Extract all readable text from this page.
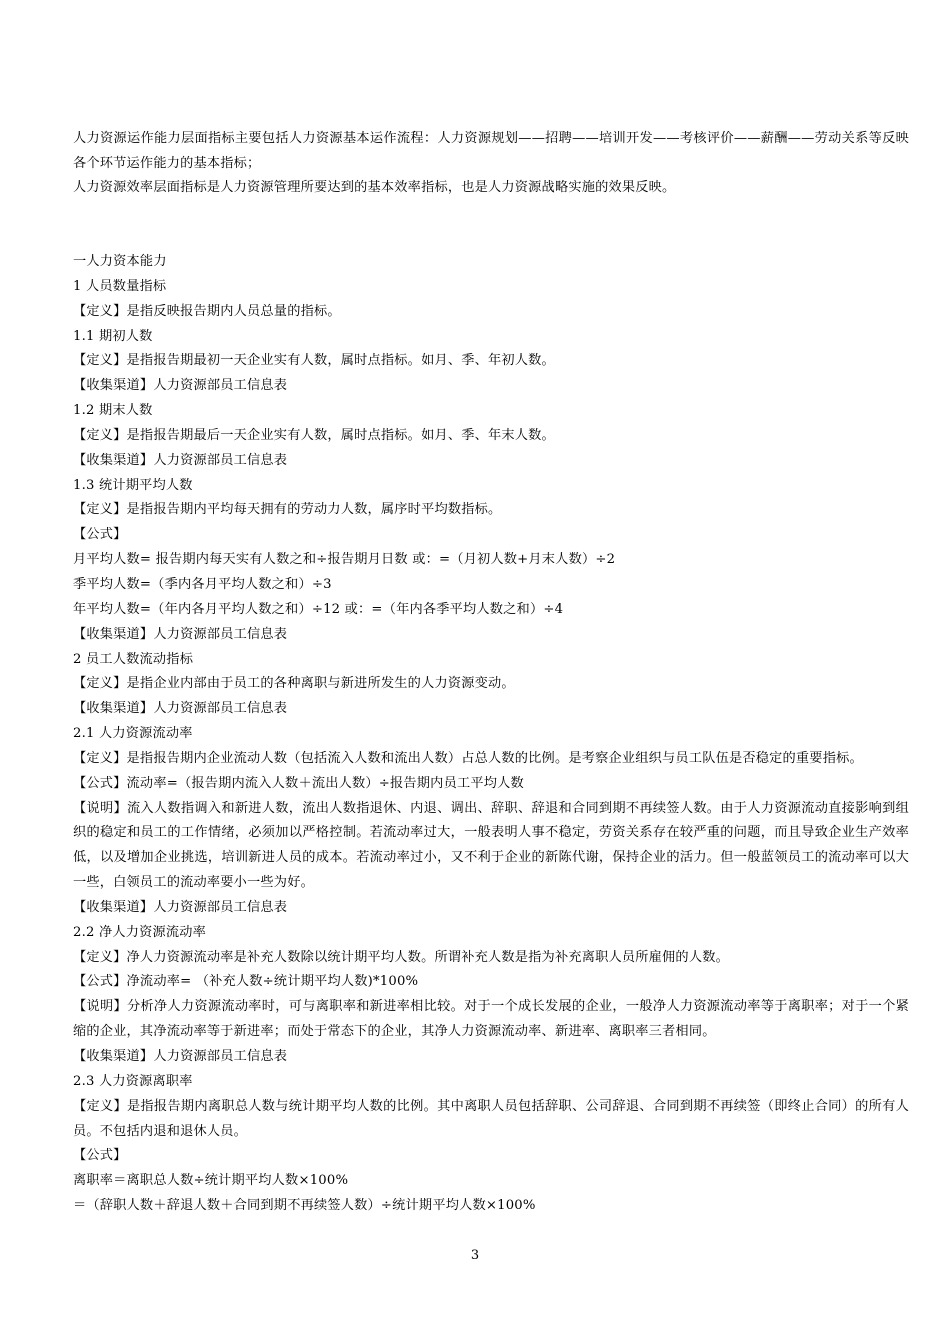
人力资源运作能力层面指标主要包括人力资源基本运作流程：人力资源规划——招聘——培训开发——考核评价——薪酬——劳动关系等反映各个环节运作能力的基本指标；
人力资源效率层面指标是人力资源管理所要达到的基本效率指标，也是人力资源战略实施的效果反映。
一人力资本能力
1 人员数量指标
【定义】是指反映报告期内人员总量的指标。
1.1 期初人数
【定义】是指报告期最初一天企业实有人数，属时点指标。如月、季、年初人数。
【收集渠道】人力资源部员工信息表
1.2 期末人数
【定义】是指报告期最后一天企业实有人数，属时点指标。如月、季、年末人数。
【收集渠道】人力资源部员工信息表
1.3 统计期平均人数
【定义】是指报告期内平均每天拥有的劳动力人数，属序时平均数指标。
【公式】
月平均人数= 报告期内每天实有人数之和÷报告期月日数 或：=（月初人数+月末人数）÷2
季平均人数=（季内各月平均人数之和）÷3
年平均人数=（年内各月平均人数之和）÷12 或：=（年内各季平均人数之和）÷4
【收集渠道】人力资源部员工信息表
2 员工人数流动指标
【定义】是指企业内部由于员工的各种离职与新进所发生的人力资源变动。
【收集渠道】人力资源部员工信息表
2.1 人力资源流动率
【定义】是指报告期内企业流动人数（包括流入人数和流出人数）占总人数的比例。是考察企业组织与员工队伍是否稳定的重要指标。
【公式】流动率=（报告期内流入人数＋流出人数）÷报告期内员工平均人数
【说明】流入人数指调入和新进人数，流出人数指退休、内退、调出、辞职、辞退和合同到期不再续签人数。由于人力资源流动直接影响到组织的稳定和员工的工作情绪，必须加以严格控制。若流动率过大，一般表明人事不稳定，劳资关系存在较严重的问题，而且导致企业生产效率低，以及增加企业挑选，培训新进人员的成本。若流动率过小，又不利于企业的新陈代谢，保持企业的活力。但一般蓝领员工的流动率可以大一些，白领员工的流动率要小一些为好。
【收集渠道】人力资源部员工信息表
2.2 净人力资源流动率
【定义】净人力资源流动率是补充人数除以统计期平均人数。所谓补充人数是指为补充离职人员所雇佣的人数。
【公式】净流动率= （补充人数÷统计期平均人数)*100%
【说明】分析净人力资源流动率时，可与离职率和新进率相比较。对于一个成长发展的企业，一般净人力资源流动率等于离职率；对于一个紧缩的企业，其净流动率等于新进率；而处于常态下的企业，其净人力资源流动率、新进率、离职率三者相同。
【收集渠道】人力资源部员工信息表
2.3 人力资源离职率
【定义】是指报告期内离职总人数与统计期平均人数的比例。其中离职人员包括辞职、公司辞退、合同到期不再续签（即终止合同）的所有人员。不包括内退和退休人员。
【公式】
离职率＝离职总人数÷统计期平均人数×100%
＝（辞职人数＋辞退人数＋合同到期不再续签人数）÷统计期平均人数×100%
3
